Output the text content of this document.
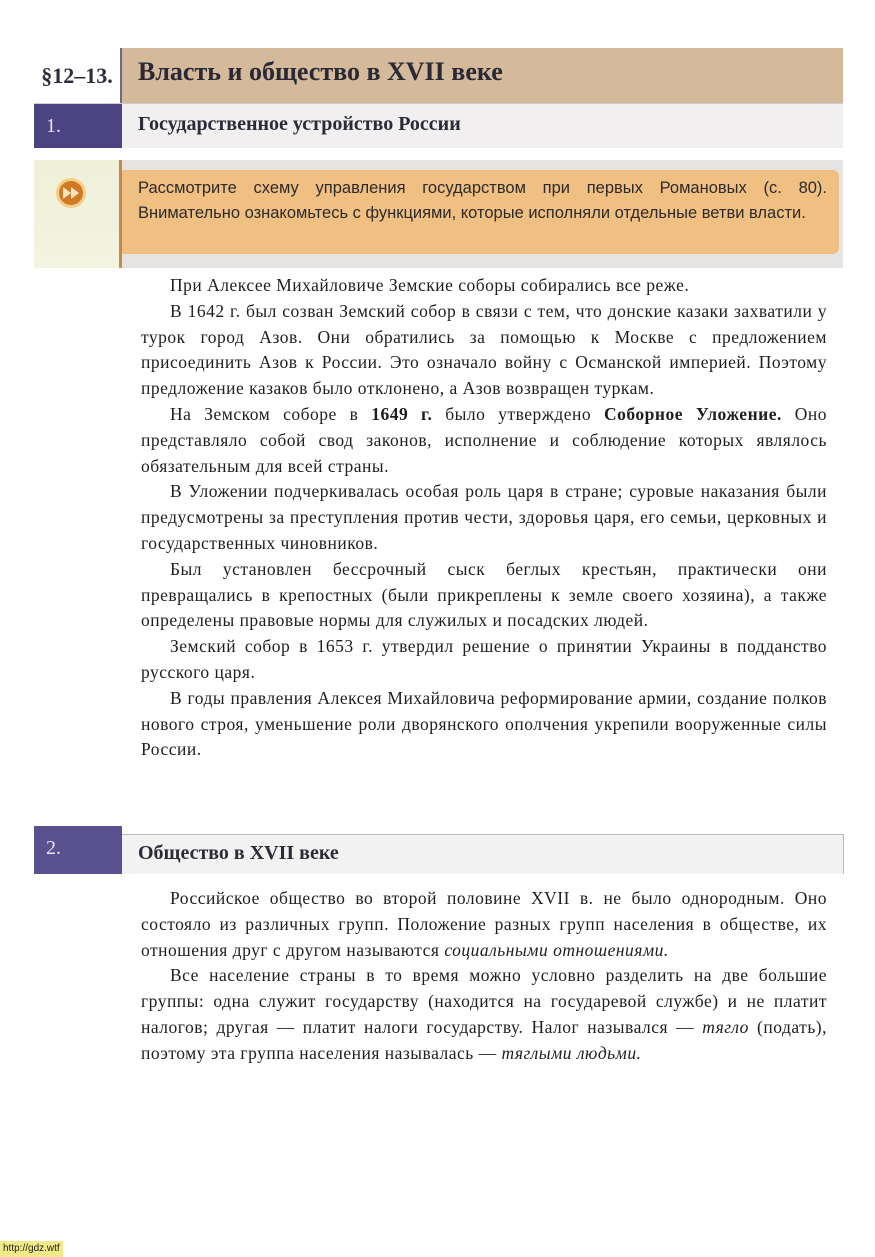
§12–13. Власть и общество в XVII веке
1.	Государственное устройство России
Рассмотрите схему управления государством при первых Романовых (с. 80). Внимательно ознакомьтесь с функциями, которые исполняли отдельные ветви власти.

При Алексее Михайловиче Земские соборы собирались все реже.

В 1642 г. был созван Земский собор в связи с тем, что донские казаки захватили у турок город Азов. Они обратились за помощью к Москве с предложением присоединить Азов к России. Это означало войну с Османской империей. Поэтому предложение казаков было отклонено, а Азов возвращен туркам.

На Земском соборе в 1649 г. было утверждено Соборное Уложение. Оно представляло собой свод законов, исполнение и соблюдение которых являлось обязательным для всей страны.

В Уложении подчеркивалась особая роль царя в стране; суровые наказания были предусмотрены за преступления против чести, здоровья царя, его семьи, церковных и государственных чиновников.

Был установлен бессрочный сыск беглых крестьян, практически они превращались в крепостных (были прикреплены к земле своего хозяина), а также определены правовые нормы для служилых и посадских людей.

Земский собор в 1653 г. утвердил решение о принятии Украины в подданство русского царя.

В годы правления Алексея Михайловича реформирование армии, создание полков нового строя, уменьшение роли дворянского ополчения укрепили вооруженные силы России.

2.	Общество в XVII веке

Российское общество во второй половине XVII в. не было однородным. Оно состояло из различных групп. Положение разных групп населения в обществе, их отношения друг с другом называются социальными отношениями.

Все население страны в то время можно условно разделить на две большие группы: одна служит государству (находится на государевой службе) и не платит налогов; другая — платит налоги государству. Налог назывался — тягло (подать), поэтому эта группа населения называлась — тяглыми людьми.

http://gdz.wtf
